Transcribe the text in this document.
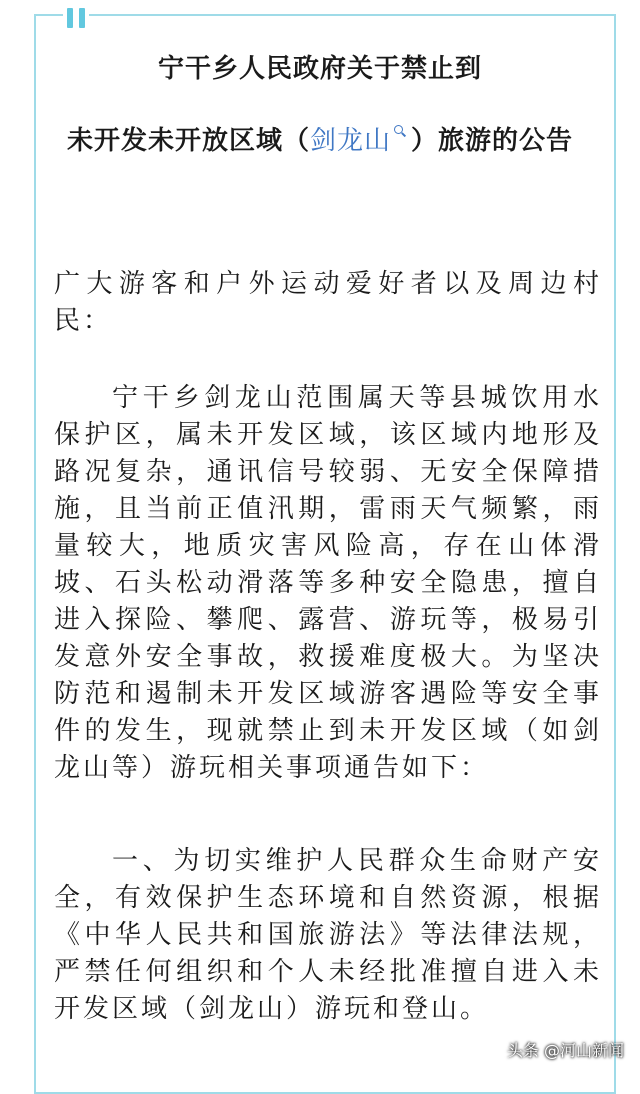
宁干乡人民政府关于禁止到
未开发未开放区域（剑龙山 ）旅游的公告

广大游客和户外运动爱好者以及周边村民：

宁干乡剑龙山范围属天等县城饮用水保护区，属未开发区域，该区域内地形及路况复杂，通讯信号较弱、无安全保障措施，且当前正值汛期，雷雨天气频繁，雨量较大，地质灾害风险高，存在山体滑坡、石头松动滑落等多种安全隐患，擅自进入探险、攀爬、露营、游玩等，极易引发意外安全事故，救援难度极大。为坚决防范和遏制未开发区域游客遇险等安全事件的发生，现就禁止到未开发区域（如剑龙山等）游玩相关事项通告如下：

一、为切实维护人民群众生命财产安全，有效保护生态环境和自然资源，根据《中华人民共和国旅游法》等法律法规，严禁任何组织和个人未经批准擅自进入未开发区域（剑龙山）游玩和登山。

头条 @河山新闻
